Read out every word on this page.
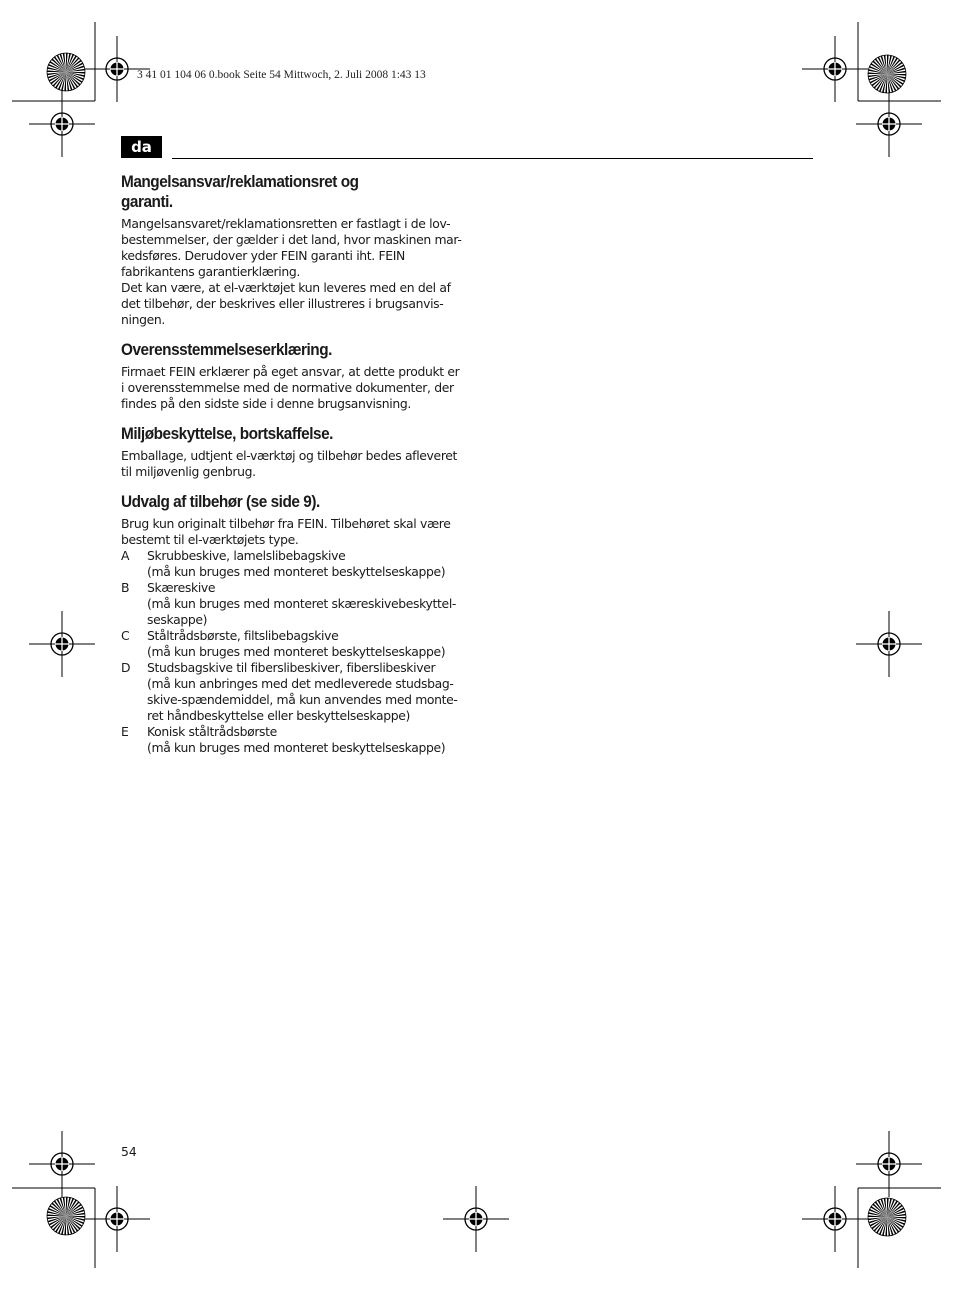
3 41 01 104 06 0.book Seite 54 Mittwoch, 2. Juli 2008 1:43 13
da
Mangelsansvar/reklamationsret og
garanti.

Mangelsansvaret/reklamationsretten er fastlagt i de lov-
bestemmelser, der gælder i det land, hvor maskinen mar-
kedsføres. Derudover yder FEIN garanti iht. FEIN
fabrikantens garantierklæring.

Det kan være, at el-værktøjet kun leveres med en del af
det tilbehør, der beskrives eller illustreres i brugsanvis-
ningen.

Overensstemmelseserklæring.

Firmaet FEIN erklærer på eget ansvar, at dette produkt er
i overensstemmelse med de normative dokumenter, der
findes på den sidste side i denne brugsanvisning.

Miljøbeskyttelse, bortskaffelse.

Emballage, udtjent el-værktøj og tilbehør bedes afleveret
til miljøvenlig genbrug.

Udvalg af tilbehør (se side 9).

Brug kun originalt tilbehør fra FEIN. Tilbehøret skal være
bestemt til el-værktøjets type.

A	Skrubbeskive, lamelslibebagskive
(må kun bruges med monteret beskyttelseskappe)

B	Skæreskive
(må kun bruges med monteret skæreskivebeskyttel-
seskappe)

C	Ståltrådsbørste, filtslibebagskive
(må kun bruges med monteret beskyttelseskappe)

D	Studsbagskive til fiberslibeskiver, fiberslibeskiver
(må kun anbringes med det medleverede studsbag-
skive-spændemiddel, må kun anvendes med monte-
ret håndbeskyttelse eller beskyttelseskappe)

E	Konisk ståltrådsbørste
(må kun bruges med monteret beskyttelseskappe)

54
